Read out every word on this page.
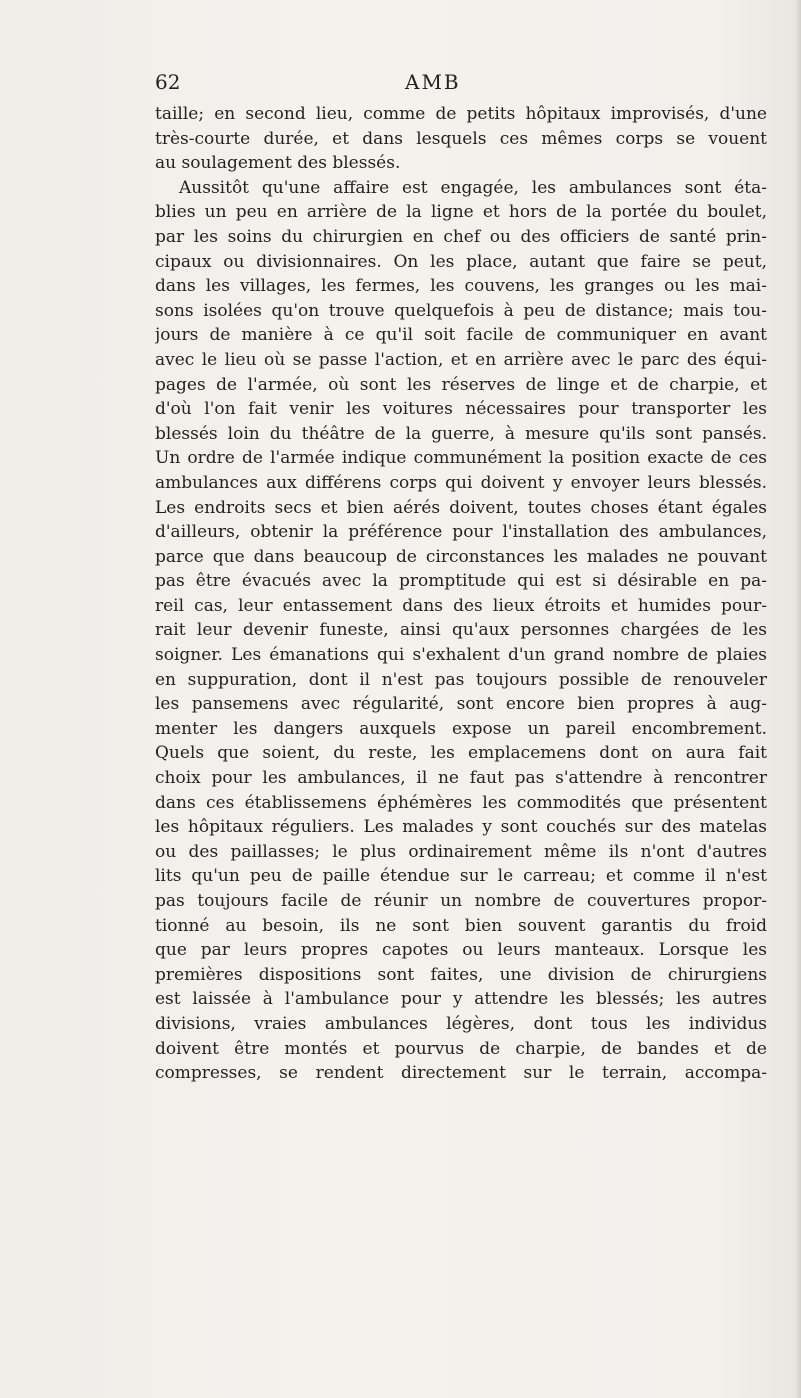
62	AMB
taille; en second lieu, comme de petits hôpitaux improvisés, d'une
très-courte durée, et dans lesquels ces mêmes corps se vouent
au soulagement des blessés.
Aussitôt qu'une affaire est engagée, les ambulances sont éta-
blies un peu en arrière de la ligne et hors de la portée du boulet,
par les soins du chirurgien en chef ou des officiers de santé prin-
cipaux ou divisionnaires. On les place, autant que faire se peut,
dans les villages, les fermes, les couvens, les granges ou les mai-
sons isolées qu'on trouve quelquefois à peu de distance; mais tou-
jours de manière à ce qu'il soit facile de communiquer en avant
avec le lieu où se passe l'action, et en arrière avec le parc des équi-
pages de l'armée, où sont les réserves de linge et de charpie, et
d'où l'on fait venir les voitures nécessaires pour transporter les
blessés loin du théâtre de la guerre, à mesure qu'ils sont pansés.
Un ordre de l'armée indique communément la position exacte de ces
ambulances aux différens corps qui doivent y envoyer leurs blessés.
Les endroits secs et bien aérés doivent, toutes choses étant égales
d'ailleurs, obtenir la préférence pour l'installation des ambulances,
parce que dans beaucoup de circonstances les malades ne pouvant
pas être évacués avec la promptitude qui est si désirable en pa-
reil cas, leur entassement dans des lieux étroits et humides pour-
rait leur devenir funeste, ainsi qu'aux personnes chargées de les
soigner. Les émanations qui s'exhalent d'un grand nombre de plaies
en suppuration, dont il n'est pas toujours possible de renouveler
les pansemens avec régularité, sont encore bien propres à aug-
menter les dangers auxquels expose un pareil encombrement.
Quels que soient, du reste, les emplacemens dont on aura fait
choix pour les ambulances, il ne faut pas s'attendre à rencontrer
dans ces établissemens éphémères les commodités que présentent
les hôpitaux réguliers. Les malades y sont couchés sur des matelas
ou des paillasses; le plus ordinairement même ils n'ont d'autres
lits qu'un peu de paille étendue sur le carreau; et comme il n'est
pas toujours facile de réunir un nombre de couvertures propor-
tionné au besoin, ils ne sont bien souvent garantis du froid
que par leurs propres capotes ou leurs manteaux. Lorsque les
premières dispositions sont faites, une division de chirurgiens
est laissée à l'ambulance pour y attendre les blessés; les autres
divisions, vraies ambulances légères, dont tous les individus
doivent être montés et pourvus de charpie, de bandes et de
compresses, se rendent directement sur le terrain, accompa-
